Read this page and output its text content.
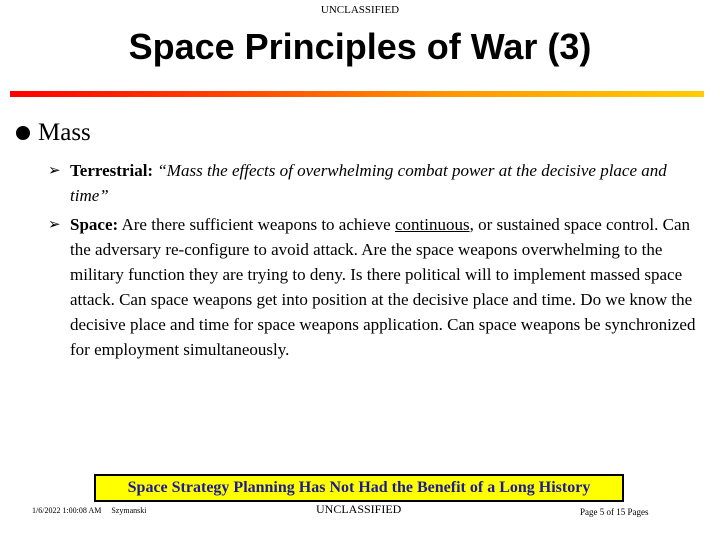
UNCLASSIFIED
Space Principles of War (3)
Mass
➢ Terrestrial: “Mass the effects of overwhelming combat power at the decisive place and time”
➢ Space: Are there sufficient weapons to achieve continuous, or sustained space control. Can the adversary re-configure to avoid attack. Are the space weapons overwhelming to the military function they are trying to deny. Is there political will to implement massed space attack. Can space weapons get into position at the decisive place and time. Do we know the decisive place and time for space weapons application. Can space weapons be synchronized for employment simultaneously.
Space Strategy Planning Has Not Had the Benefit of a Long History
1/6/2022 1:00:08 AM Szymanski	UNCLASSIFIED	Page 5 of 15 Pages
